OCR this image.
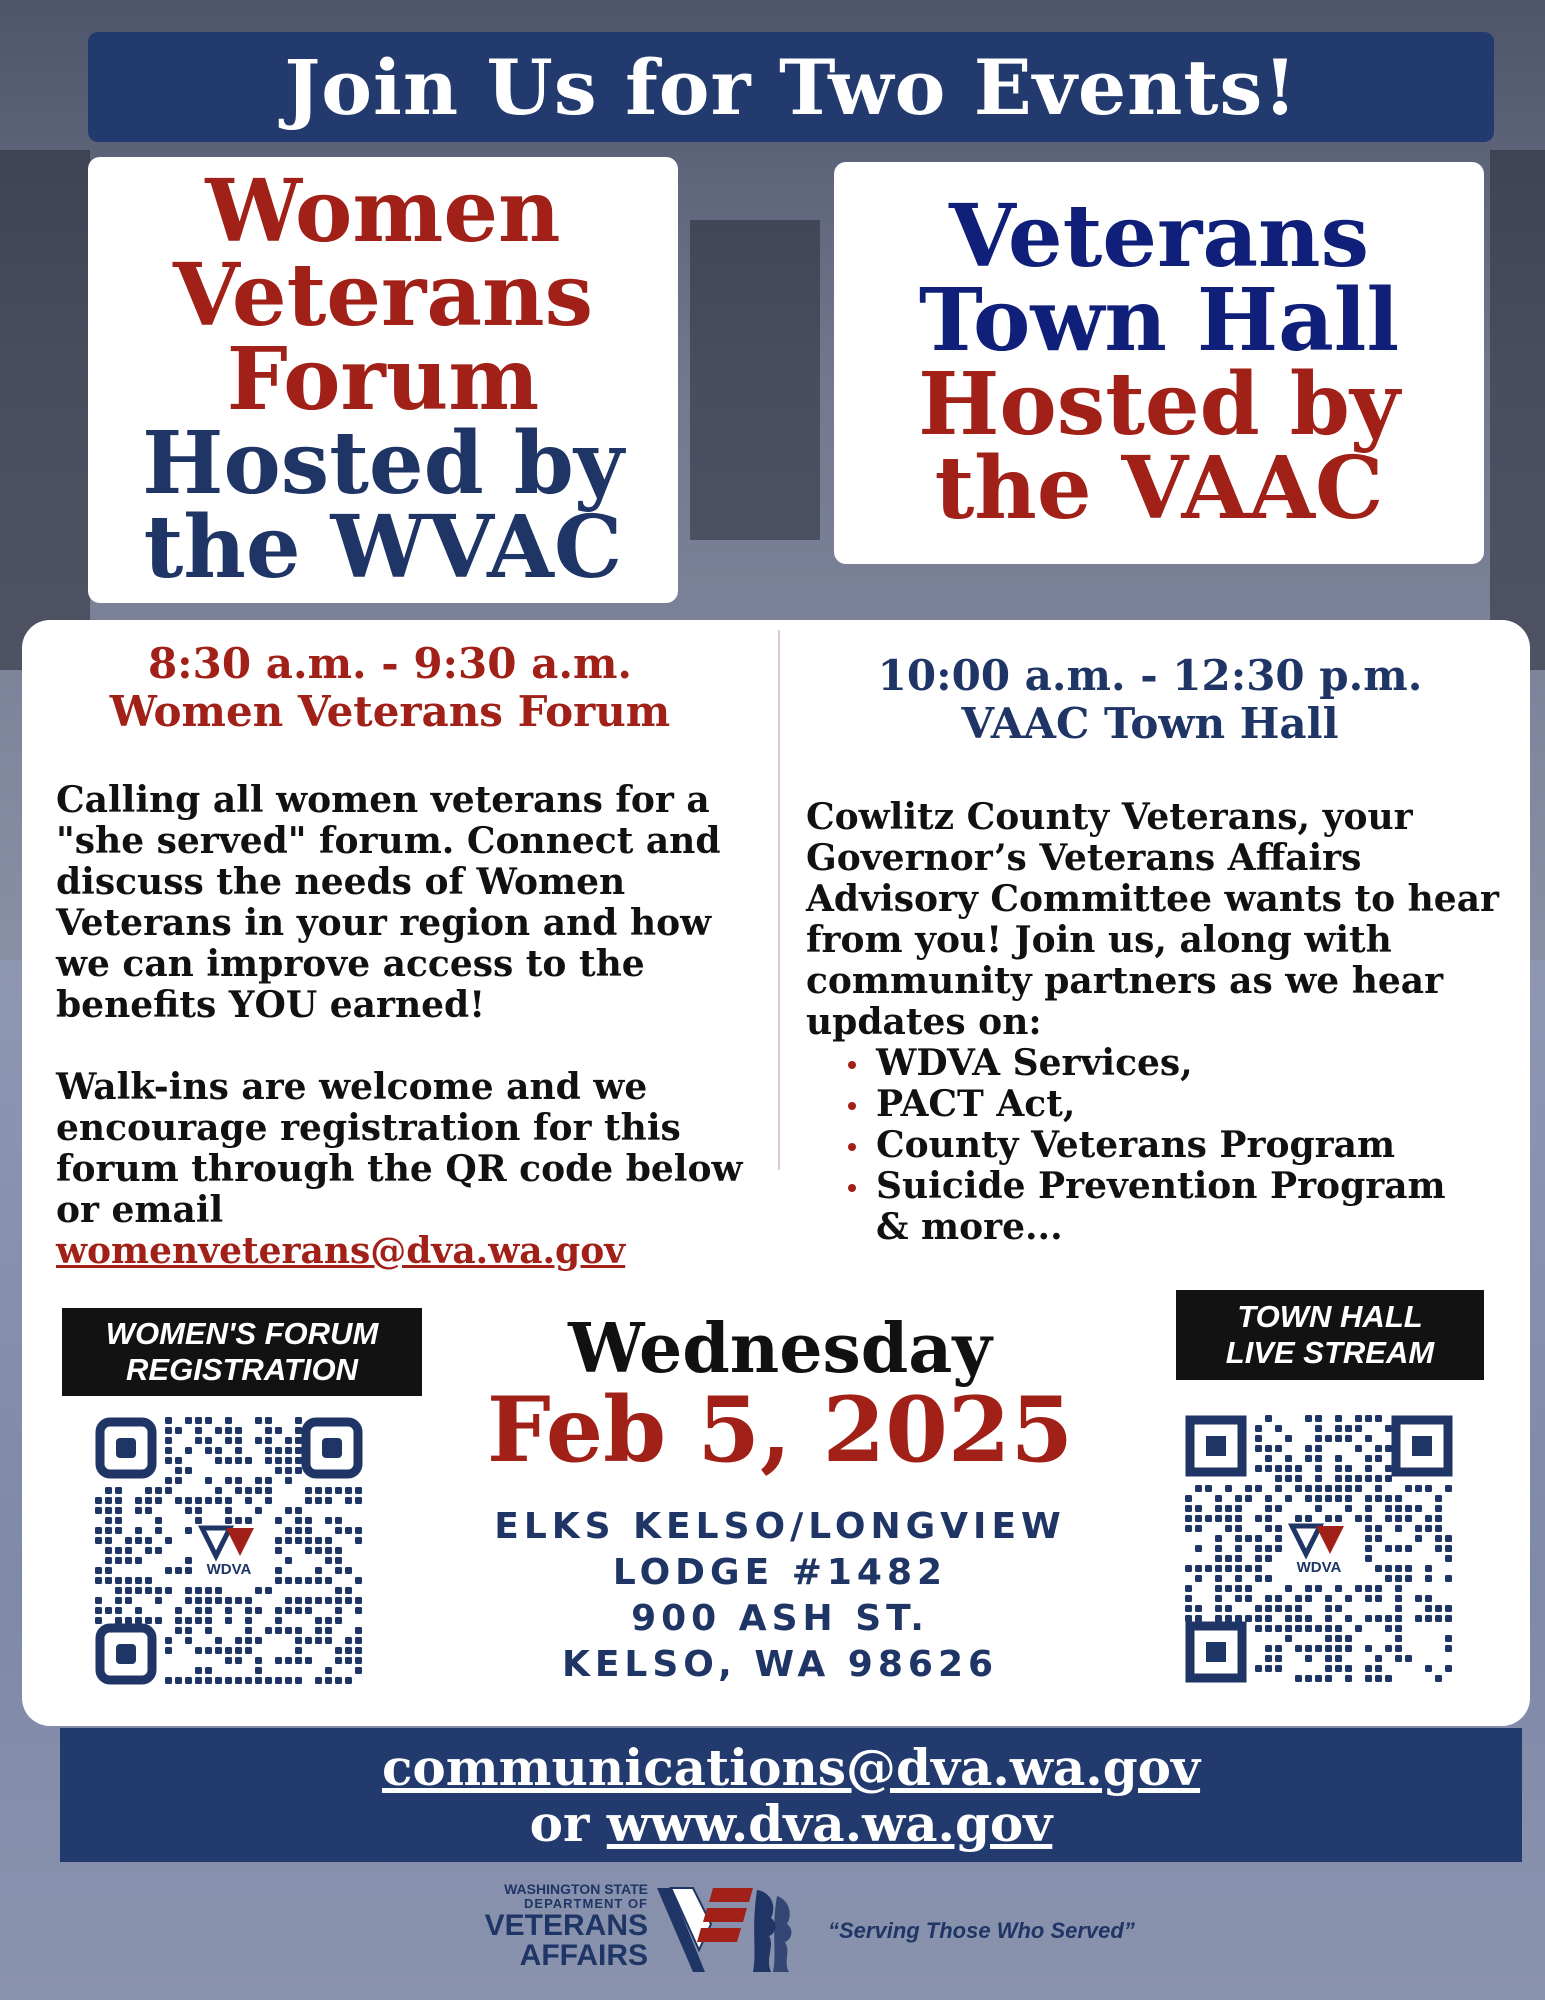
Join Us for Two Events!
Women
Veterans
Forum
Hosted by
the WVAC
Veterans
Town Hall
Hosted by
the VAAC
8:30 a.m. - 9:30 a.m.
Women Veterans Forum
10:00 a.m. - 12:30 p.m.
VAAC Town Hall

Calling all women veterans for a "she served" forum. Connect and discuss the needs of Women Veterans in your region and how we can improve access to the benefits YOU earned!

Walk-ins are welcome and we encourage registration for this forum through the QR code below or email
womenveterans@dva.wa.gov

Cowlitz County Veterans, your Governor’s Veterans Affairs Advisory Committee wants to hear from you! Join us, along with community partners as we hear updates on:

WDVA Services,
PACT Act,
County Veterans Program
Suicide Prevention Program
& more...
WOMEN'S FORUM
REGISTRATION
TOWN HALL
LIVE STREAM
WDVA	WDVA
Wednesday
Feb 5, 2025
ELKS KELSO/LONGVIEW
LODGE #1482
900 ASH ST.
KELSO, WA 98626
communications@dva.wa.gov
or www.dva.wa.gov
WASHINGTON STATE
DEPARTMENT OF
VETERANS
AFFAIRS
“Serving Those Who Served”
